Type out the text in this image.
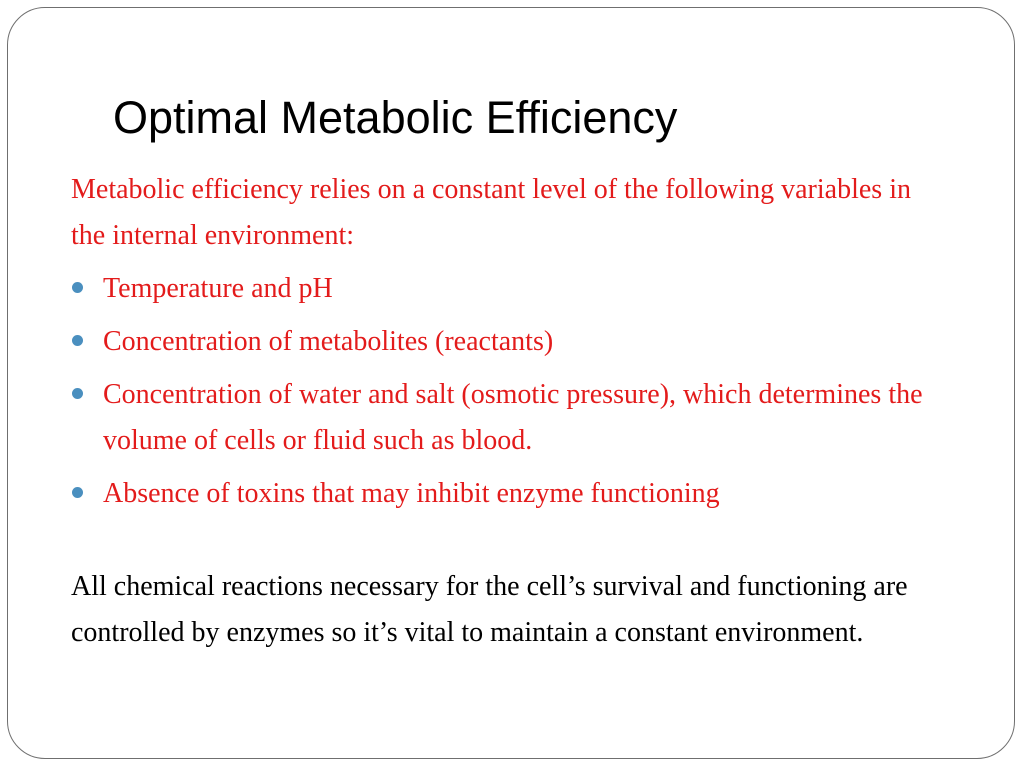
Optimal Metabolic Efficiency

Metabolic efficiency relies on a constant level of the following variables in the internal environment:

Temperature and pH
Concentration of metabolites (reactants)
Concentration of water and salt (osmotic pressure), which determines the volume of cells or fluid such as blood.
Absence of toxins that may inhibit enzyme functioning

All chemical reactions necessary for the cell’s survival and functioning are controlled by enzymes so it’s vital to maintain a constant environment.
